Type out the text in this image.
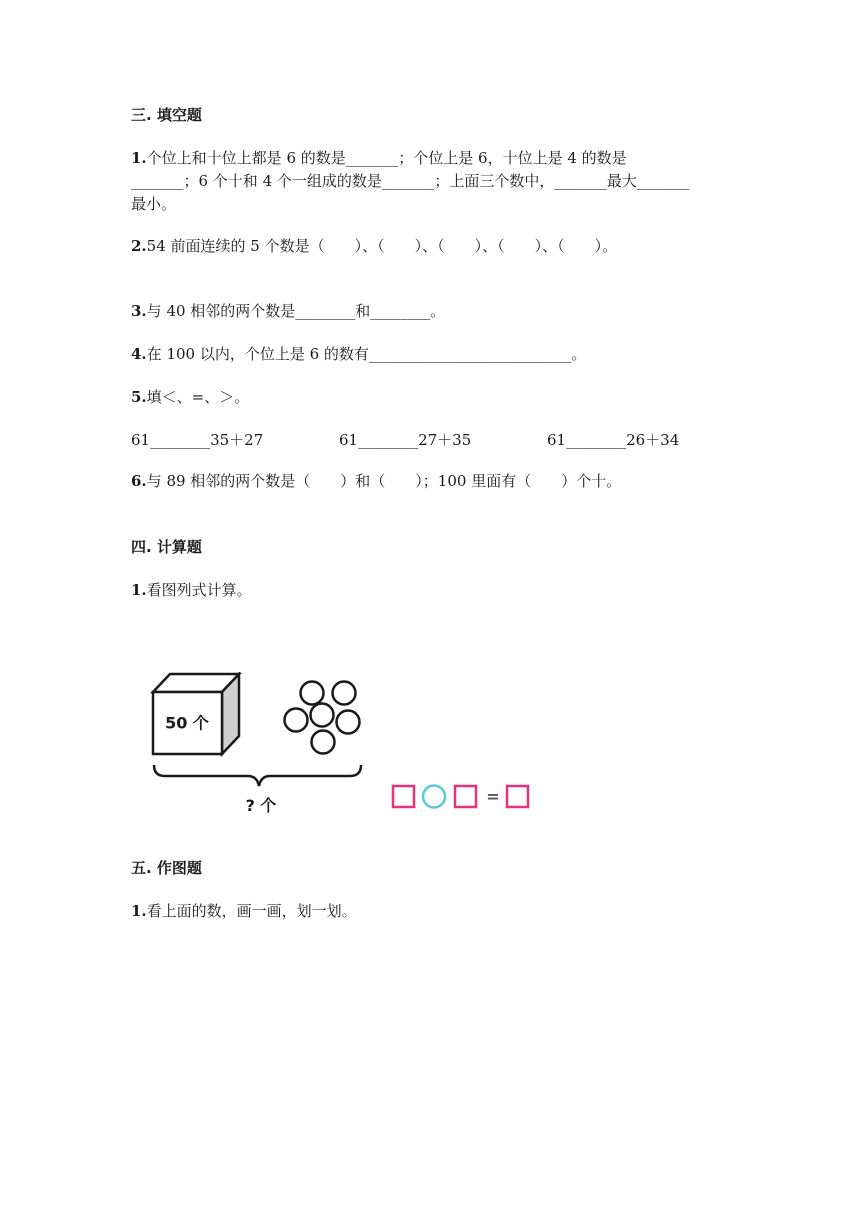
三. 填空题
1.个位上和十位上都是 6 的数是_______；个位上是 6，十位上是 4 的数是_______；6 个十和 4 个一组成的数是_______；上面三个数中，_______最大_______最小。
2.54 前面连续的 5 个数是（　　）、（　　）、（　　）、（　　）、（　　）。
3.与 40 相邻的两个数是________和________。
4.在 100 以内，个位上是 6 的数有___________________________。
5.填＜、=、＞。
61________35＋27	61________27＋35	61________26＋34
6.与 89 相邻的两个数是（　　）和（　　）；100 里面有（　　）个十。
四. 计算题
1.看图列式计算。
50 个
? 个	=
五. 作图题
1.看上面的数，画一画，划一划。
